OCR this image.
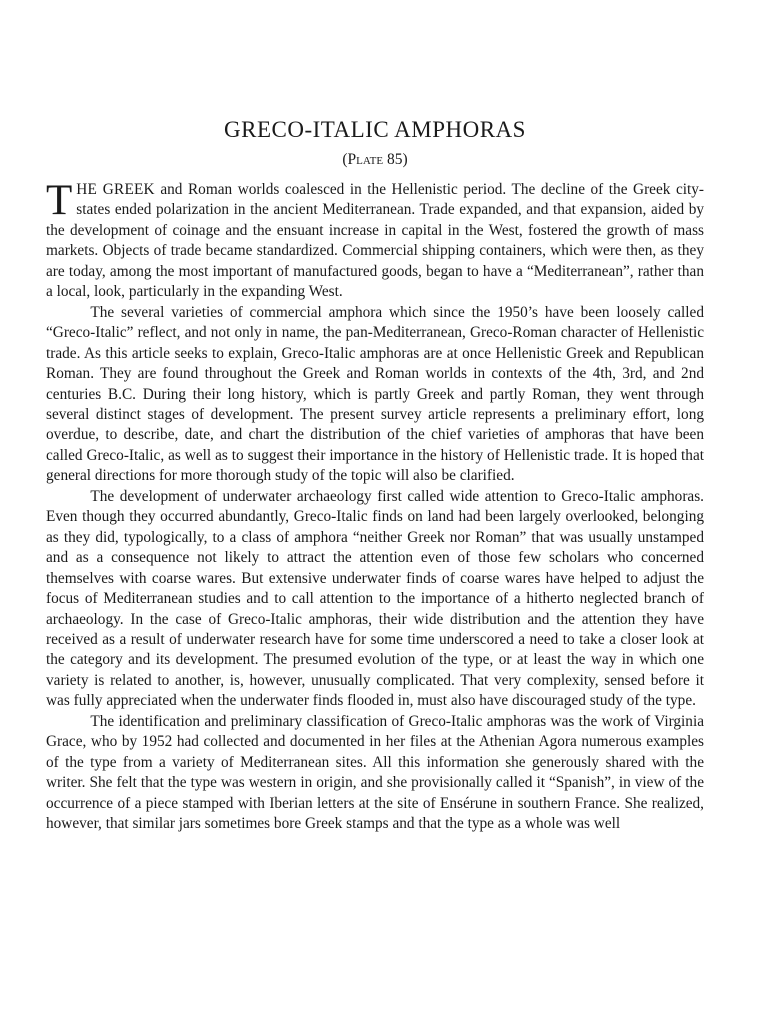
GRECO-ITALIC AMPHORAS
(Plate 85)

THE GREEK and Roman worlds coalesced in the Hellenistic period. The decline of the Greek city-states ended polarization in the ancient Mediterranean. Trade expanded, and that expansion, aided by the development of coinage and the ensuant increase in capital in the West, fostered the growth of mass markets. Objects of trade became standardized. Commercial shipping containers, which were then, as they are today, among the most important of manufactured goods, began to have a “Mediterranean”, rather than a local, look, particularly in the expanding West.

The several varieties of commercial amphora which since the 1950’s have been loosely called “Greco-Italic” reflect, and not only in name, the pan-Mediterranean, Greco-Roman character of Hellenistic trade. As this article seeks to explain, Greco-Italic amphoras are at once Hellenistic Greek and Republican Roman. They are found throughout the Greek and Roman worlds in contexts of the 4th, 3rd, and 2nd centuries B.C. During their long history, which is partly Greek and partly Roman, they went through several distinct stages of development. The present survey article represents a preliminary effort, long overdue, to describe, date, and chart the distribution of the chief varieties of amphoras that have been called Greco-Italic, as well as to suggest their importance in the history of Hellenistic trade. It is hoped that general directions for more thorough study of the topic will also be clarified.

The development of underwater archaeology first called wide attention to Greco-Italic amphoras. Even though they occurred abundantly, Greco-Italic finds on land had been largely overlooked, belonging as they did, typologically, to a class of amphora “neither Greek nor Roman” that was usually unstamped and as a consequence not likely to attract the attention even of those few scholars who concerned themselves with coarse wares. But extensive underwater finds of coarse wares have helped to adjust the focus of Mediterranean studies and to call attention to the importance of a hitherto neglected branch of archaeology. In the case of Greco-Italic amphoras, their wide distribution and the attention they have received as a result of underwater research have for some time underscored a need to take a closer look at the category and its development. The presumed evolution of the type, or at least the way in which one variety is related to another, is, however, unusually complicated. That very complexity, sensed before it was fully appreciated when the underwater finds flooded in, must also have discouraged study of the type.

The identification and preliminary classification of Greco-Italic amphoras was the work of Virginia Grace, who by 1952 had collected and documented in her files at the Athenian Agora numerous examples of the type from a variety of Mediterranean sites. All this information she generously shared with the writer. She felt that the type was western in origin, and she provisionally called it “Spanish”, in view of the occurrence of a piece stamped with Iberian letters at the site of Ensérune in southern France. She realized, however, that similar jars sometimes bore Greek stamps and that the type as a whole was well
